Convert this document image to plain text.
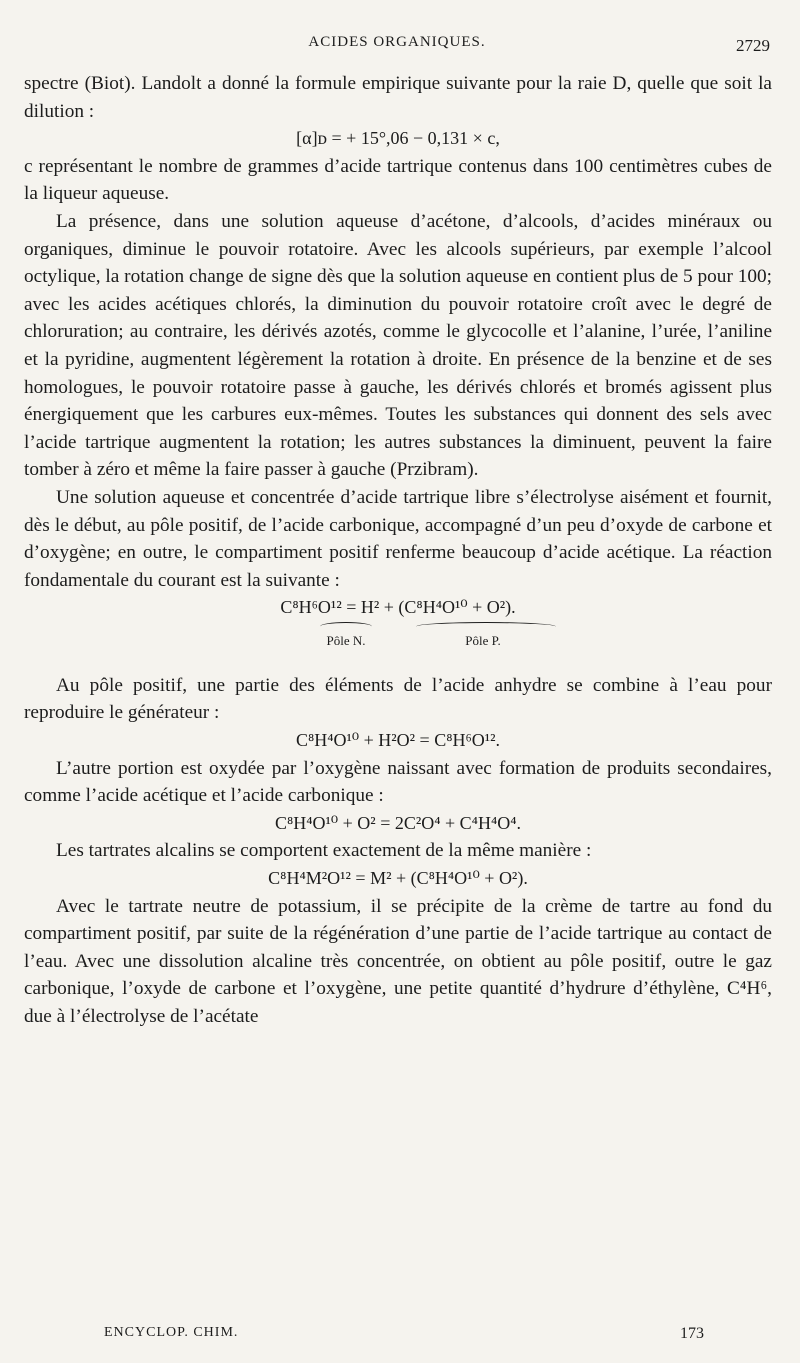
ACIDES ORGANIQUES.	2729

spectre (Biot). Landolt a donné la formule empirique suivante pour la raie D, quelle que soit la dilution :

[α]ᴅ = + 15°,06 − 0,131 × c,

c représentant le nombre de grammes d’acide tartrique contenus dans 100 centimètres cubes de la liqueur aqueuse.

La présence, dans une solution aqueuse d’acétone, d’alcools, d’acides minéraux ou organiques, diminue le pouvoir rotatoire. Avec les alcools supérieurs, par exemple l’alcool octylique, la rotation change de signe dès que la solution aqueuse en contient plus de 5 pour 100; avec les acides acétiques chlorés, la diminution du pouvoir rotatoire croît avec le degré de chloruration; au contraire, les dérivés azotés, comme le glycocolle et l’alanine, l’urée, l’aniline et la pyridine, augmentent légèrement la rotation à droite. En présence de la benzine et de ses homologues, le pouvoir rotatoire passe à gauche, les dérivés chlorés et bromés agissent plus énergiquement que les carbures eux-mêmes. Toutes les substances qui donnent des sels avec l’acide tartrique augmentent la rotation; les autres substances la diminuent, peuvent la faire tomber à zéro et même la faire passer à gauche (Przibram).

Une solution aqueuse et concentrée d’acide tartrique libre s’électrolyse aisément et fournit, dès le début, au pôle positif, de l’acide carbonique, accompagné d’un peu d’oxyde de carbone et d’oxygène; en outre, le compartiment positif renferme beaucoup d’acide acétique. La réaction fondamentale du courant est la suivante :

C⁸H⁶O¹² = H² + (C⁸H⁴O¹⁰ + O²).

Pôle N.	Pôle P.

Au pôle positif, une partie des éléments de l’acide anhydre se combine à l’eau pour reproduire le générateur :

C⁸H⁴O¹⁰ + H²O² = C⁸H⁶O¹².

L’autre portion est oxydée par l’oxygène naissant avec formation de produits secondaires, comme l’acide acétique et l’acide carbonique :

C⁸H⁴O¹⁰ + O² = 2C²O⁴ + C⁴H⁴O⁴.

Les tartrates alcalins se comportent exactement de la même manière :

C⁸H⁴M²O¹² = M² + (C⁸H⁴O¹⁰ + O²).

Avec le tartrate neutre de potassium, il se précipite de la crème de tartre au fond du compartiment positif, par suite de la régénération d’une partie de l’acide tartrique au contact de l’eau. Avec une dissolution alcaline très concentrée, on obtient au pôle positif, outre le gaz carbonique, l’oxyde de carbone et l’oxygène, une petite quantité d’hydrure d’éthylène, C⁴H⁶, due à l’électrolyse de l’acétate

ENCYCLOP. CHIM.	173
